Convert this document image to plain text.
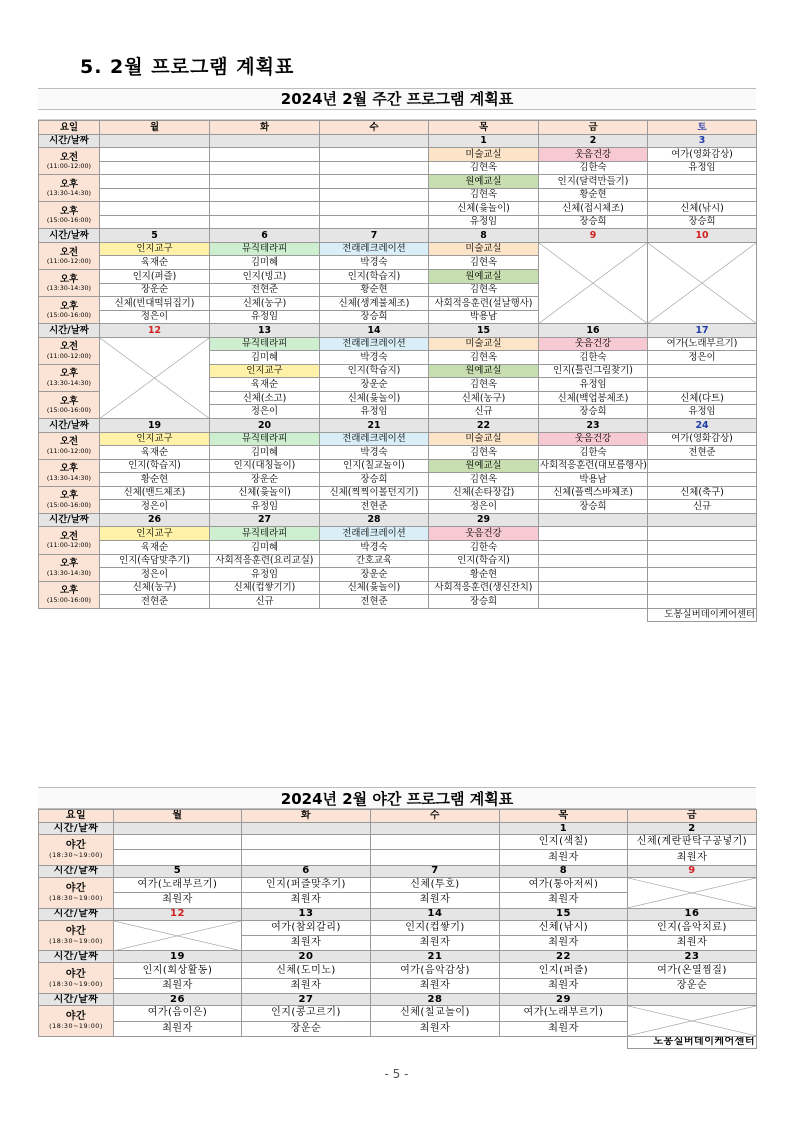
5. 2월 프로그램 계획표
2024년 2월 주간 프로그램 계획표
요일	월	화	수	목	금	토
시간/날짜				1	2	3
오전
(11:00-12:00)				미술교실	웃음건강	여가(영화감상)
				김현옥	김한숙	유정임
오후
(13:30-14:30)				원예교실	인지(달력만들기)	
				김현옥	황순현	
오후
(15:00-16:00)				신체(윷놀이)	신체(접시체조)	신체(낚시)
				유정임	장승희	장승희
시간/날짜	5	6	7	8	9	10
오전
(11:00-12:00)	인지교구	뮤직테라피	전래레크레이션	미술교실	

	육재순	김미혜	박경숙	김현옥		
오후
(13:30-14:30)	인지(퍼즐)	인지(빙고)	인지(학습지)	원예교실		
	장운순	전현준	황순현	김현옥		
오후
(15:00-16:00)	신체(빈대떡뒤집기)	신체(농구)	신체(생계불체조)	사회적응훈련(설날행사)		
	정은이	유정임	장승희	박용남		
시간/날짜	12	13	14	15	16	17
오전
(11:00-12:00)		뮤직테라피	전래레크레이션	미술교실	웃음건강	여가(노래부르기)
		김미혜	박경숙	김현옥	김한숙	정은이
오후
(13:30-14:30)		인지교구	인지(학습지)	원예교실	인지(틀린그림찾기)	
		육재순	장운순	김현옥	유정임	
오후
(15:00-16:00)		신체(소고)	신체(윷놀이)	신체(농구)	신체(백업봉체조)	신체(다트)
		정은이	유정임	신규	장승희	유정임
시간/날짜	19	20	21	22	23	24
오전
(11:00-12:00)	인지교구	뮤직테라피	전래레크레이션	미술교실	웃음건강	여가(영화감상)
	육재순	김미혜	박경숙	김현옥	김한숙	전현준
오후
(13:30-14:30)	인지(학습지)	인지(대칭놀이)	인지(칠교놀이)	원예교실	사회적응훈련(대보름행사)	
	황순현	장운순	장승희	김현옥	박용남	
오후
(15:00-16:00)	신체(밴드체조)	신체(윷놀이)	신체(찍찍이볼던지기)	신체(손타장갑)	신체(플렉스바체조)	신체(축구)
	정은이	유정임	전현준	정은이	장승희	신규
시간/날짜	26	27	28	29		
오전
(11:00-12:00)	인지교구	뮤직테라피	전래레크레이션	웃음건강		
	육재순	김미혜	박경숙	김한숙		
오후
(13:30-14:30)	인지(속담맞추기)	사회적응훈련(요리교실)	간호교육	인지(학습지)		
	정은이	유정임	장운순	황순현		
오후
(15:00-16:00)	신체(농구)	신체(컵쌓기기)	신체(윷놀이)	사회적응훈련(생신잔치)		
	전현준	신규	전현준	장승희		
						도봉실버데이케어센터
2024년 2월 야간 프로그램 계획표
요일	월	화	수	목	금
시간/날짜				1	2
야간
(18:30~19:00)				인지(색칠)	신체(계란판탁구공넣기)
				최원자	최원자
시간/날짜	5	6	7	8	9
야간
(18:30~19:00)	여가(노래부르기)	인지(퍼즐맞추기)	신체(투호)	여가(통아저씨)	

	최원자	최원자	최원자	최원자	
시간/날짜	12	13	14	15	16
야간
(18:30~19:00)		여가(참외갈리)	인지(컵쌓기)	신체(낚시)	인지(음악치료)
		최원자	최원자	최원자	최원자
시간/날짜	19	20	21	22	23
야간
(18:30~19:00)	인지(회상활동)	신체(도미노)	여가(음악감상)	인지(퍼즐)	여가(온열찜질)
	최원자	최원자	최원자	최원자	장운순
시간/날짜	26	27	28	29	
야간
(18:30~19:00)	여가(음이은)	인지(콩고르기)	신체(칠교놀이)	여가(노래부르기)	

	최원자	장운순	최원자	최원자	
					도봉실버데이케어센터
- 5 -
